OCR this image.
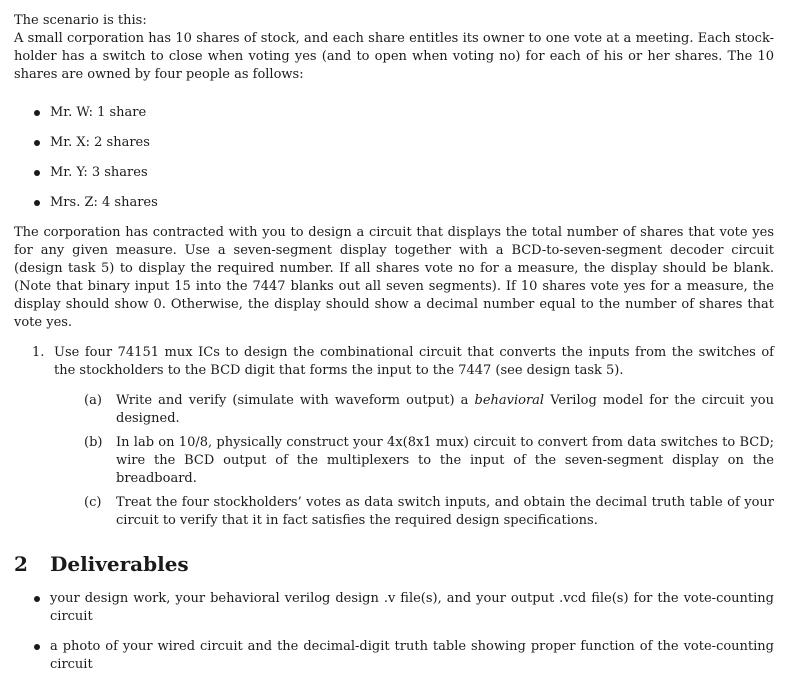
The scenario is this:

A small corporation has 10 shares of stock, and each share entitles its owner to one vote at a meeting. Each stock-holder has a switch to close when voting yes (and to open when voting no) for each of his or her shares. The 10 shares are owned by four people as follows:

Mr. W: 1 share
Mr. X: 2 shares
Mr. Y: 3 shares
Mrs. Z: 4 shares

The corporation has contracted with you to design a circuit that displays the total number of shares that vote yes for any given measure. Use a seven-segment display together with a BCD-to-seven-segment decoder circuit (design task 5) to display the required number. If all shares vote no for a measure, the display should be blank. (Note that binary input 15 into the 7447 blanks out all seven segments). If 10 shares vote yes for a measure, the display should show 0. Otherwise, the display should show a decimal number equal to the number of shares that vote yes.

1. Use four 74151 mux ICs to design the combinational circuit that converts the inputs from the switches of the stockholders to the BCD digit that forms the input to the 7447 (see design task 5).

(a) Write and verify (simulate with waveform output) a behavioral Verilog model for the circuit you designed.
(b) In lab on 10/8, physically construct your 4x(8x1 mux) circuit to convert from data switches to BCD; wire the BCD output of the multiplexers to the input of the seven-segment display on the breadboard.
(c) Treat the four stockholders’ votes as data switch inputs, and obtain the decimal truth table of your circuit to verify that it in fact satisfies the required design specifications.
2 Deliverables
your design work, your behavioral verilog design .v file(s), and your output .vcd file(s) for the vote-counting circuit
a photo of your wired circuit and the decimal-digit truth table showing proper function of the vote-counting circuit
